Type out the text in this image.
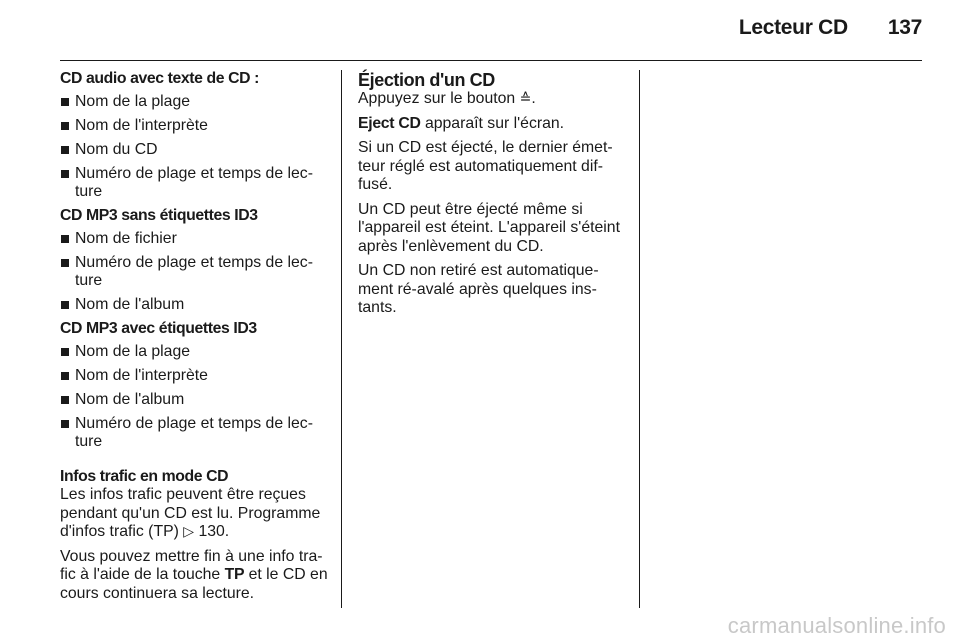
Lecteur CD 137
CD audio avec texte de CD :
Nom de la plage
Nom de l'interprète
Nom du CD
Numéro de plage et temps de lec-ture
CD MP3 sans étiquettes ID3
Nom de fichier
Numéro de plage et temps de lec-ture
Nom de l'album
CD MP3 avec étiquettes ID3
Nom de la plage
Nom de l'interprète
Nom de l'album
Numéro de plage et temps de lec-ture
Infos trafic en mode CD

Les infos trafic peuvent être reçues pendant qu'un CD est lu. Programme d'infos trafic (TP) ▷ 130.

Vous pouvez mettre fin à une info tra-fic à l'aide de la touche TP et le CD en cours continuera sa lecture.

Éjection d'un CD

Appuyez sur le bouton ≙.

Eject CD apparaît sur l'écran.

Si un CD est éjecté, le dernier émet-teur réglé est automatiquement dif-fusé.

Un CD peut être éjecté même si l'appareil est éteint. L'appareil s'éteint après l'enlèvement du CD.

Un CD non retiré est automatique-ment ré-avalé après quelques ins-tants.

carmanualsonline.info
